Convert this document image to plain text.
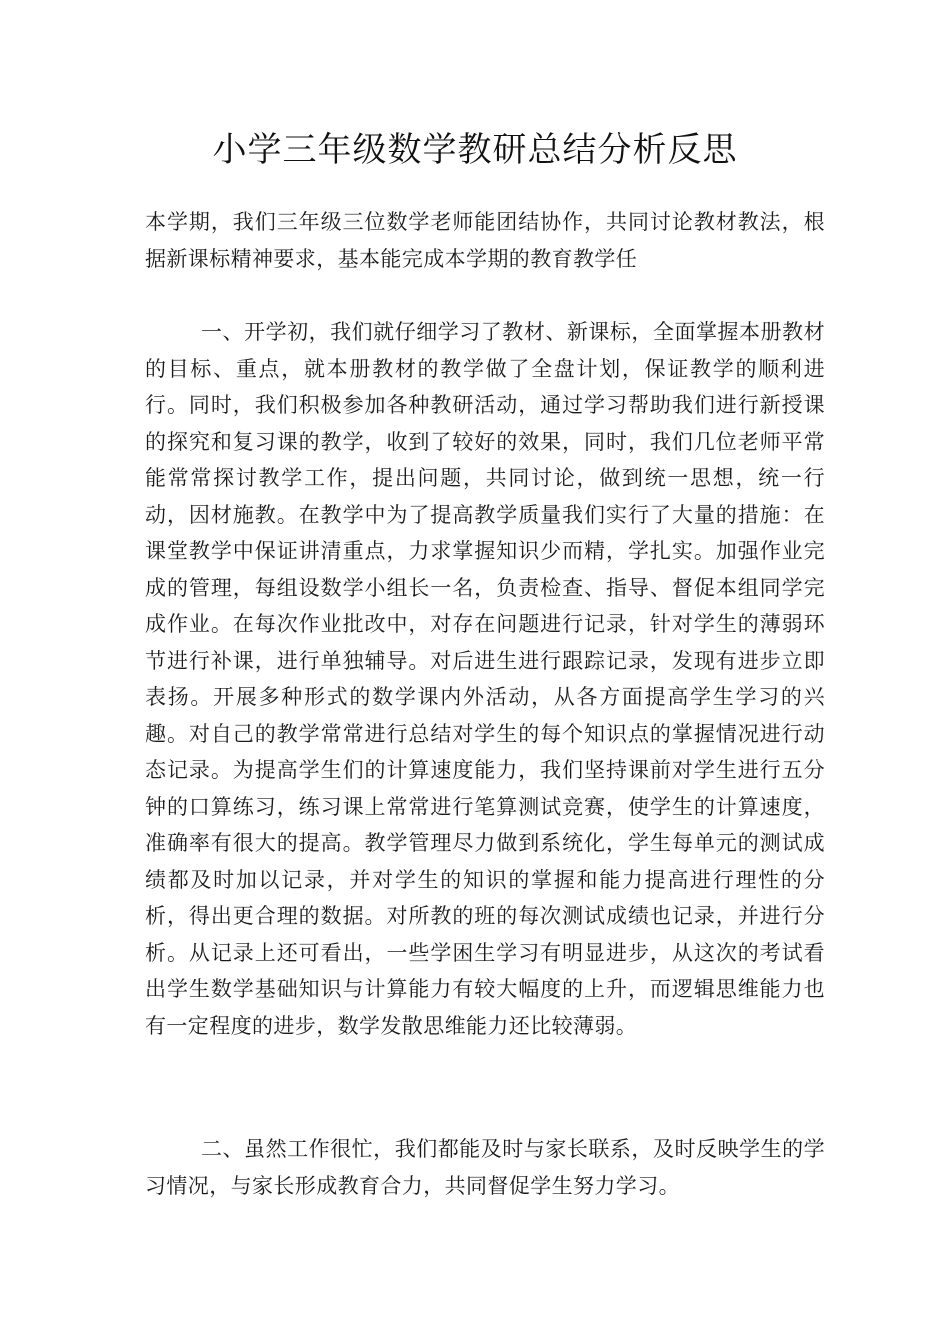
小学三年级数学教研总结分析反思

本学期，我们三年级三位数学老师能团结协作，共同讨论教材教法，根据新课标精神要求，基本能完成本学期的教育教学任

一、开学初，我们就仔细学习了教材、新课标，全面掌握本册教材的目标、重点，就本册教材的教学做了全盘计划，保证教学的顺利进行。同时，我们积极参加各种教研活动，通过学习帮助我们进行新授课的探究和复习课的教学，收到了较好的效果，同时，我们几位老师平常能常常探讨教学工作，提出问题，共同讨论，做到统一思想，统一行动，因材施教。在教学中为了提高教学质量我们实行了大量的措施：在课堂教学中保证讲清重点，力求掌握知识少而精，学扎实。加强作业完成的管理，每组设数学小组长一名，负责检查、指导、督促本组同学完成作业。在每次作业批改中，对存在问题进行记录，针对学生的薄弱环节进行补课，进行单独辅导。对后进生进行跟踪记录，发现有进步立即表扬。开展多种形式的数学课内外活动，从各方面提高学生学习的兴趣。对自己的教学常常进行总结对学生的每个知识点的掌握情况进行动态记录。为提高学生们的计算速度能力，我们坚持课前对学生进行五分钟的口算练习，练习课上常常进行笔算测试竞赛，使学生的计算速度，准确率有很大的提高。教学管理尽力做到系统化，学生每单元的测试成绩都及时加以记录，并对学生的知识的掌握和能力提高进行理性的分析，得出更合理的数据。对所教的班的每次测试成绩也记录，并进行分析。从记录上还可看出，一些学困生学习有明显进步，从这次的考试看出学生数学基础知识与计算能力有较大幅度的上升，而逻辑思维能力也有一定程度的进步，数学发散思维能力还比较薄弱。

二、虽然工作很忙，我们都能及时与家长联系，及时反映学生的学习情况，与家长形成教育合力，共同督促学生努力学习。
